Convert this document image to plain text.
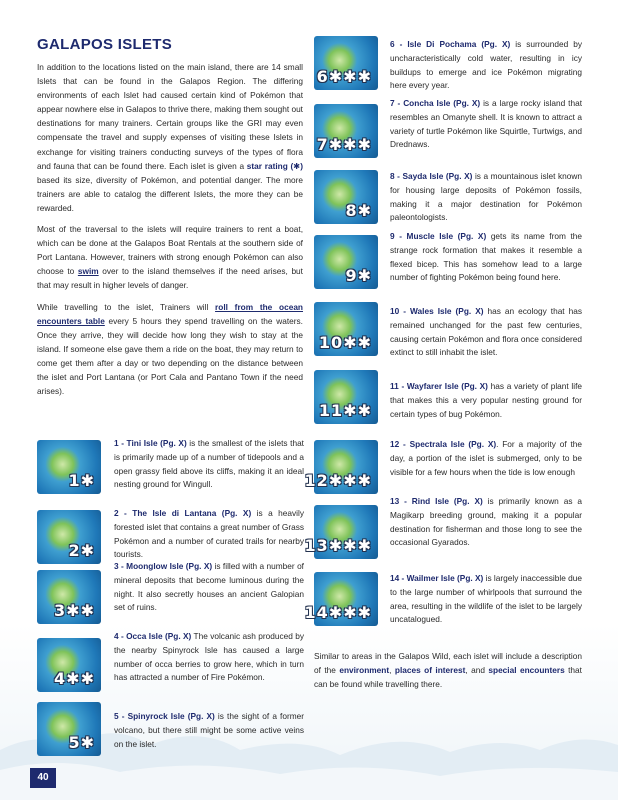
GALAPOS ISLETS

In addition to the locations listed on the main island, there are 14 small Islets that can be found in the Galapos Region. The differing environments of each Islet had caused certain kind of Pokémon that appear nowhere else in Galapos to thrive there, making them sought out destinations for many trainers. Certain groups like the GRI may even compensate the travel and supply expenses of visiting these Islets in exchange for visiting trainers conducting surveys of the types of flora and fauna that can be found there. Each islet is given a star rating (✱) based its size, diversity of Pokémon, and potential danger. The more trainers are able to catalog the different Islets, the more they can be rewarded.

Most of the traversal to the islets will require trainers to rent a boat, which can be done at the Galapos Boat Rentals at the southern side of Port Lantana. However, trainers with strong enough Pokémon can also choose to swim over to the island themselves if the need arises, but that may result in higher levels of danger.

While travelling to the islet, Trainers will roll from the ocean encounters table every 5 hours they spend travelling on the waters. Once they arrive, they will decide how long they wish to stay at the island. If someone else gave them a ride on the boat, they may return to come get them after a day or two depending on the distance between the islet and Port Lantana (or Port Cala and Pantano Town if the need arises).

1✱
1 - Tini Isle (Pg. X) is the smallest of the islets that is primarily made up of a number of tidepools and a open grassy field above its cliffs, making it an ideal nesting ground for Wingull.
2✱
2 - The Isle di Lantana (Pg. X) is a heavily forested islet that contains a great number of Grass Pokémon and a number of curated trails for nearby tourists.
3✱✱
3 - Moonglow Isle (Pg. X) is filled with a number of mineral deposits that become luminous during the night. It also secretly houses an ancient Galopian set of ruins.
4✱✱
4 - Occa Isle (Pg. X) The volcanic ash produced by the nearby Spinyrock Isle has caused a large number of occa berries to grow here, which in turn has attracted a number of Fire Pokémon.
5✱
5 - Spinyrock Isle (Pg. X) is the sight of a former volcano, but there still might be some active veins on the islet.
6✱✱✱
6 - Isle Di Pochama (Pg. X) is surrounded by uncharacteristically cold water, resulting in icy buildups to emerge and ice Pokémon migrating here every year.
7✱✱✱
7 - Concha Isle (Pg. X) is a large rocky island that resembles an Omanyte shell. It is known to attract a variety of turtle Pokémon like Squirtle, Turtwigs, and Drednaws.
8✱
8 - Sayda Isle (Pg. X) is a mountainous islet known for housing large deposits of Pokémon fossils, making it a major destination for Pokémon paleontologists.
9✱
9 - Muscle Isle (Pg. X) gets its name from the strange rock formation that makes it resemble a flexed bicep. This has somehow lead to a large number of fighting Pokémon being found here.
10✱✱
10 - Wales Isle (Pg. X) has an ecology that has remained unchanged for the past few centuries, causing certain Pokémon and flora once considered extinct to still inhabit the islet.
11✱✱
11 - Wayfarer Isle (Pg. X) has a variety of plant life that makes this a very popular nesting ground for certain types of bug Pokémon.
12✱✱✱
12 - Spectrala Isle (Pg. X). For a majority of the day, a portion of the islet is submerged, only to be visible for a few hours when the tide is low enough
13✱✱✱
13 - Rind Isle (Pg. X) is primarily known as a Magikarp breeding ground, making it a popular destination for fisherman and those long to see the occasional Gyarados.
14✱✱✱
14 - Wailmer Isle (Pg. X) is largely inaccessible due to the large number of whirlpools that surround the area, resulting in the wildlife of the islet to be largely uncatalogued.
Similar to areas in the Galapos Wild, each islet will include a description of the environment, places of interest, and special encounters that can be found while travelling there.
40
